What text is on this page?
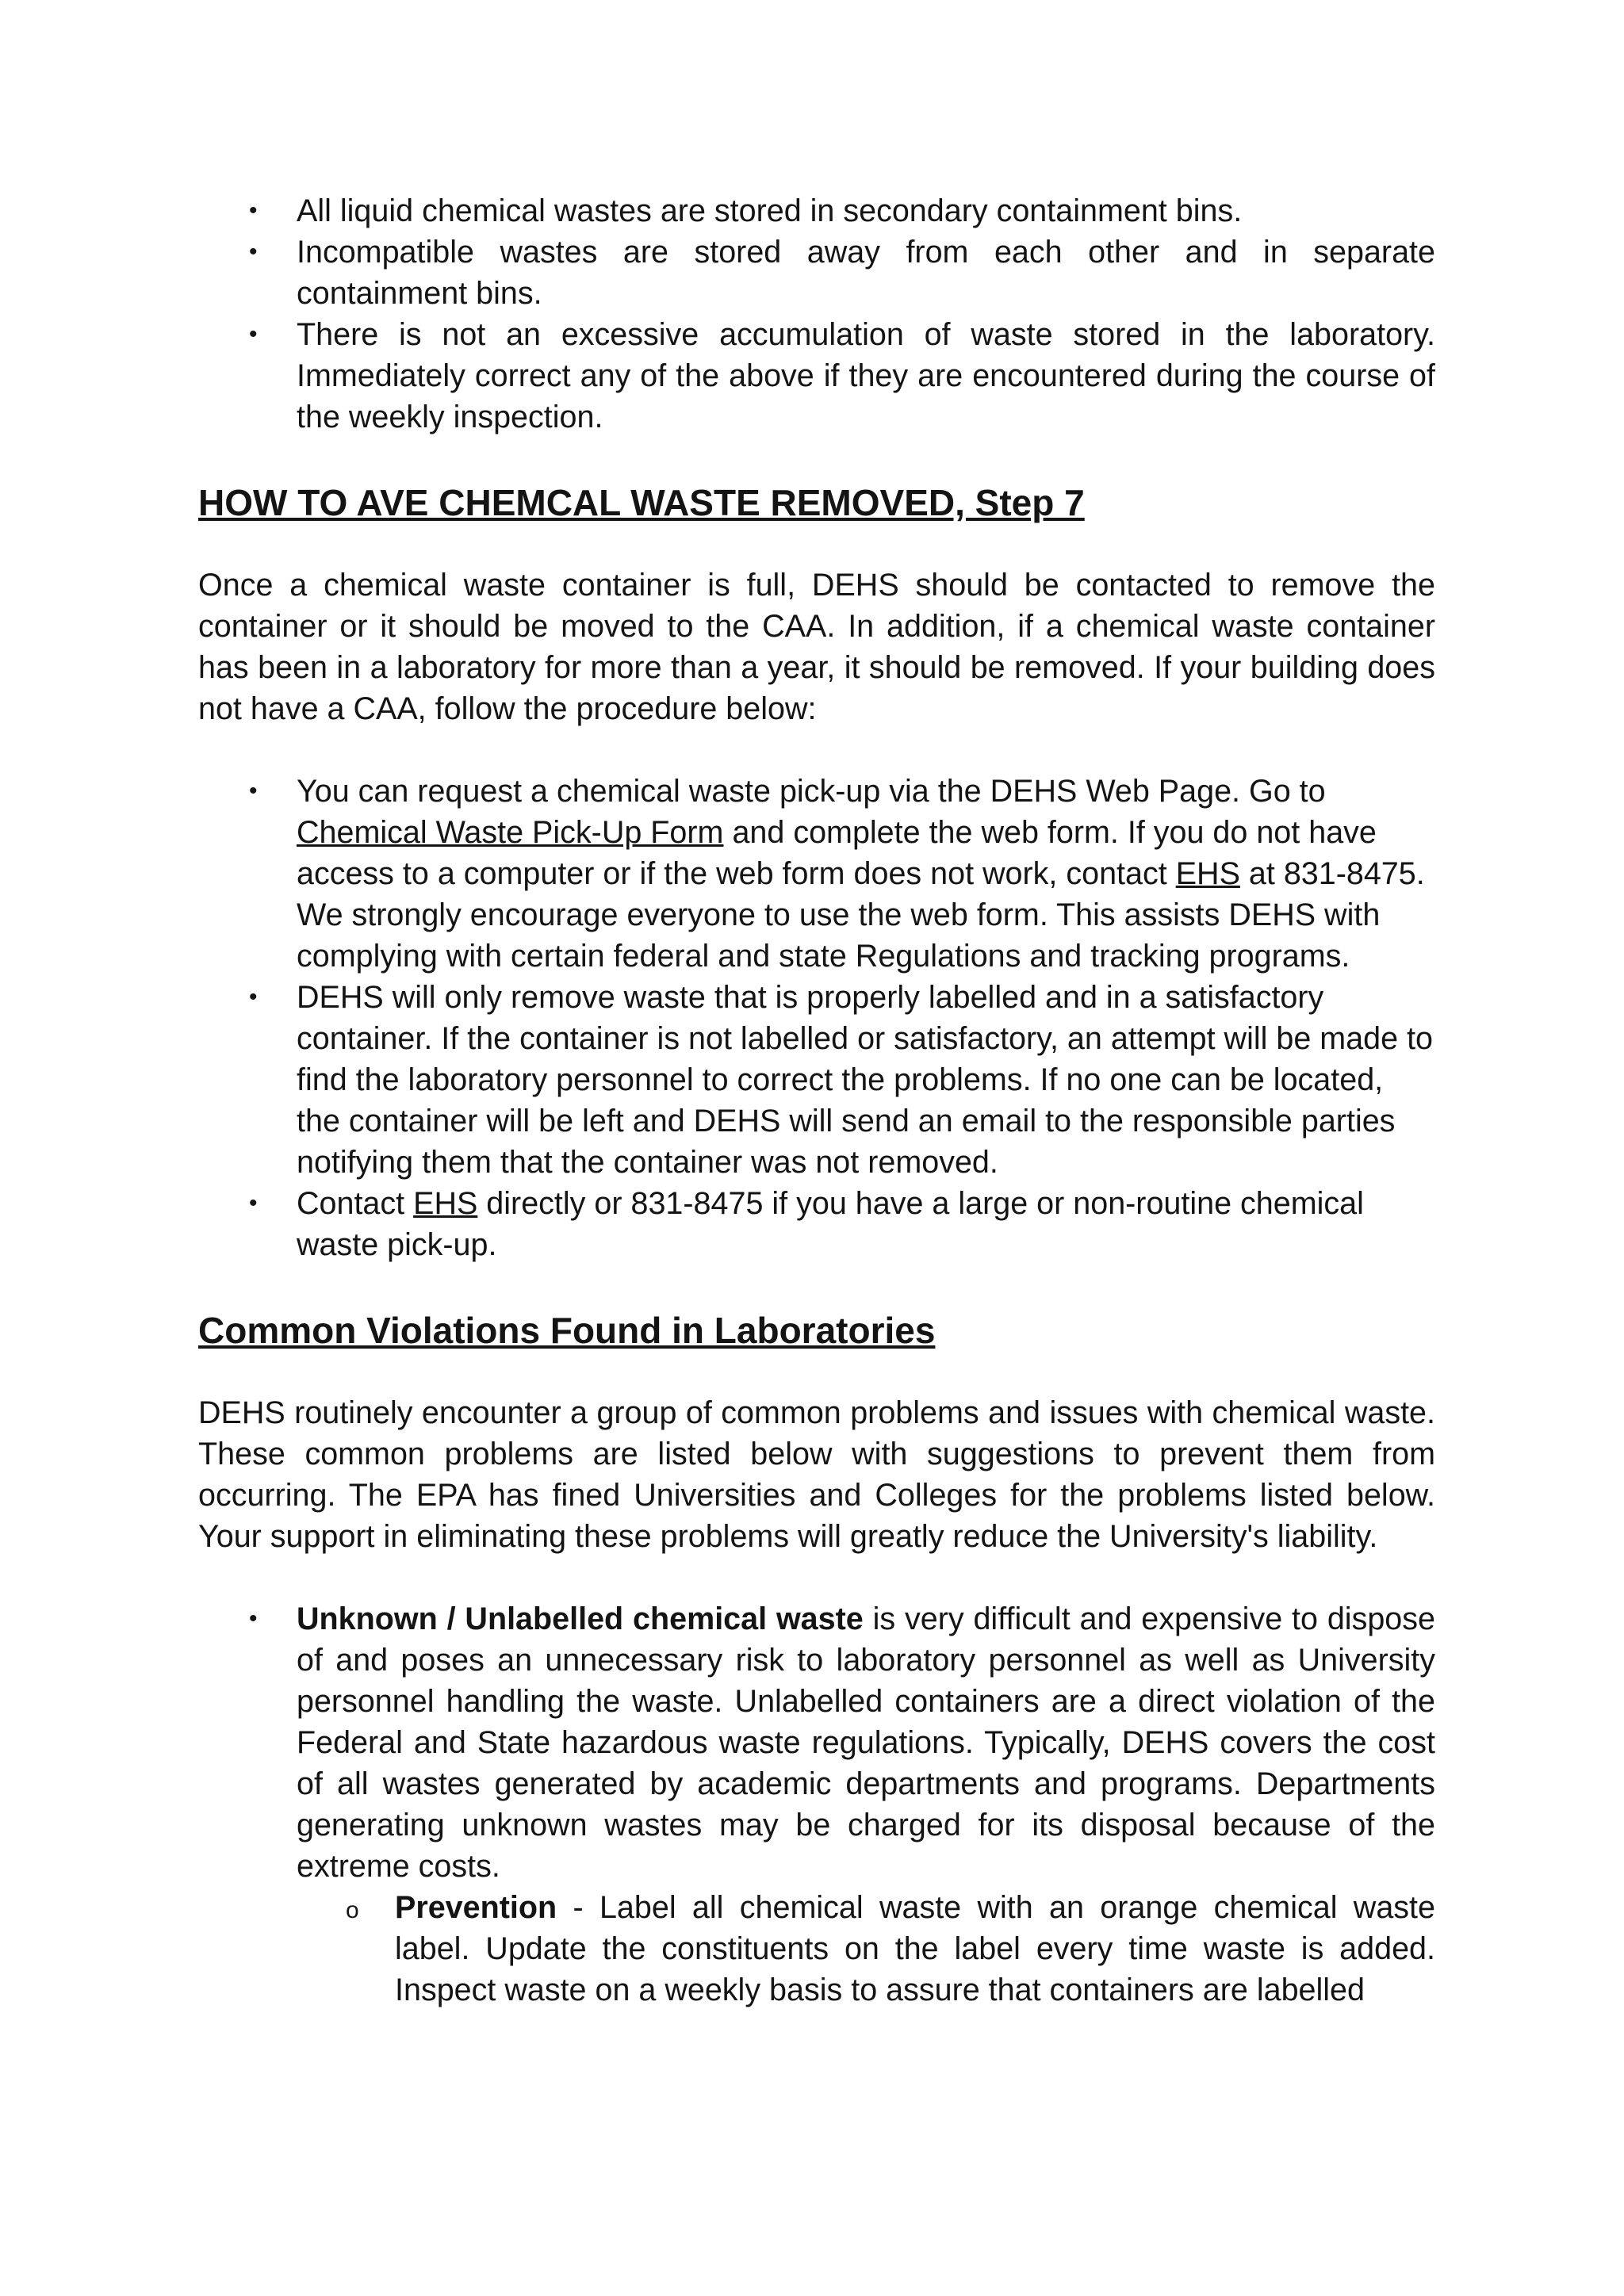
• All liquid chemical wastes are stored in secondary containment bins.
• Incompatible wastes are stored away from each other and in separate containment bins.
• There is not an excessive accumulation of waste stored in the laboratory. Immediately correct any of the above if they are encountered during the course of the weekly inspection.
HOW TO AVE CHEMCAL WASTE REMOVED, Step 7

Once a chemical waste container is full, DEHS should be contacted to remove the container or it should be moved to the CAA. In addition, if a chemical waste container has been in a laboratory for more than a year, it should be removed. If your building does not have a CAA, follow the procedure below:

• You can request a chemical waste pick-up via the DEHS Web Page. Go to Chemical Waste Pick-Up Form and complete the web form. If you do not have access to a computer or if the web form does not work, contact EHS at 831-8475. We strongly encourage everyone to use the web form. This assists DEHS with complying with certain federal and state Regulations and tracking programs.
• DEHS will only remove waste that is properly labelled and in a satisfactory container. If the container is not labelled or satisfactory, an attempt will be made to find the laboratory personnel to correct the problems. If no one can be located, the container will be left and DEHS will send an email to the responsible parties notifying them that the container was not removed.
• Contact EHS directly or 831-8475 if you have a large or non-routine chemical waste pick-up.
Common Violations Found in Laboratories

DEHS routinely encounter a group of common problems and issues with chemical waste. These common problems are listed below with suggestions to prevent them from occurring. The EPA has fined Universities and Colleges for the problems listed below. Your support in eliminating these problems will greatly reduce the University's liability.

• Unknown / Unlabelled chemical waste is very difficult and expensive to dispose of and poses an unnecessary risk to laboratory personnel as well as University personnel handling the waste. Unlabelled containers are a direct violation of the Federal and State hazardous waste regulations. Typically, DEHS covers the cost of all wastes generated by academic departments and programs. Departments generating unknown wastes may be charged for its disposal because of the extreme costs.
o Prevention - Label all chemical waste with an orange chemical waste label. Update the constituents on the label every time waste is added. Inspect waste on a weekly basis to assure that containers are labelled
